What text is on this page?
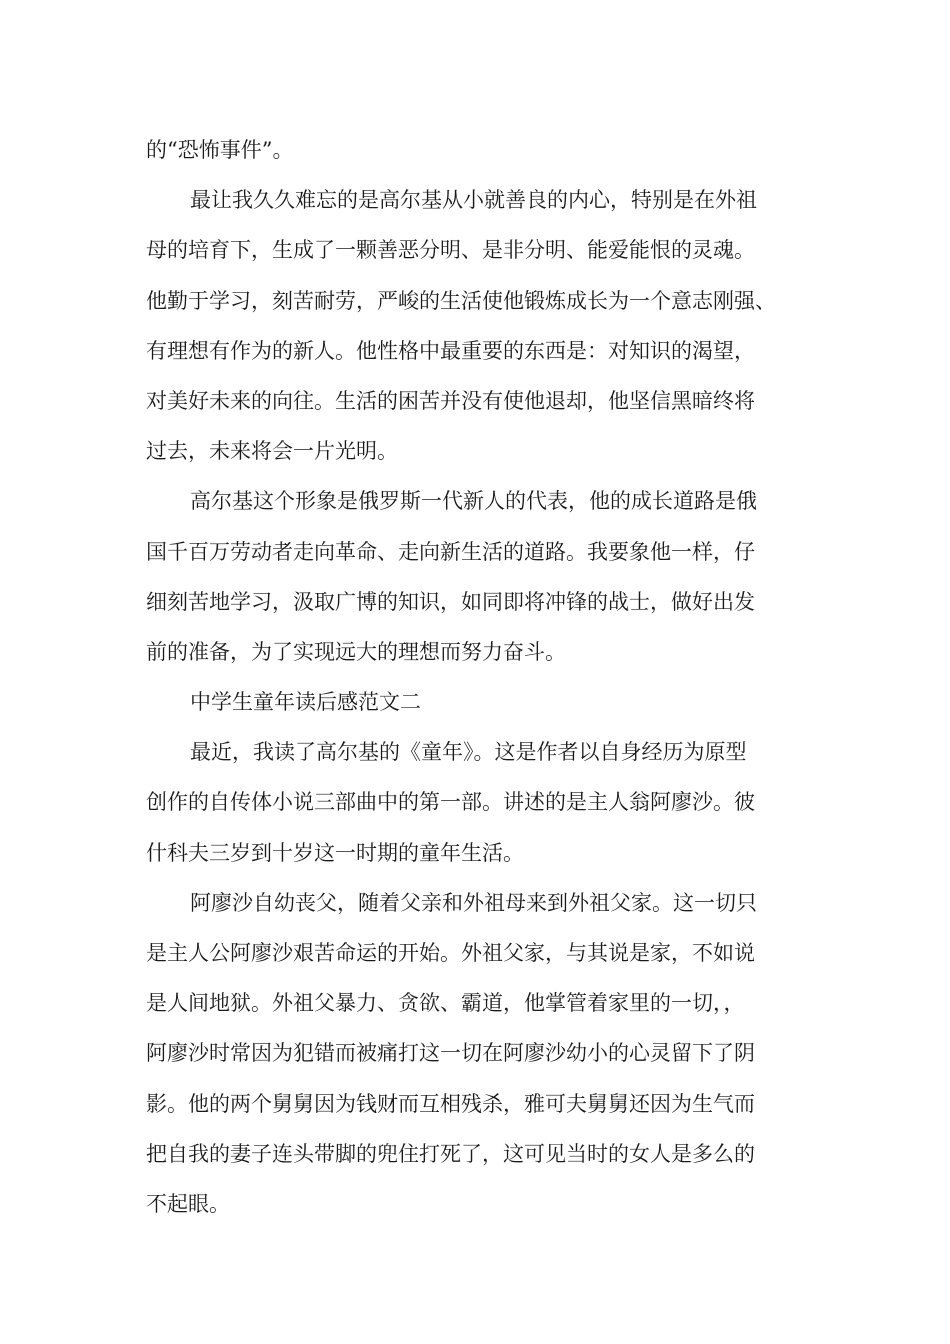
的“恐怖事件”。
最让我久久难忘的是高尔基从小就善良的内心，特别是在外祖
母的培育下，生成了一颗善恶分明、是非分明、能爱能恨的灵魂。
他勤于学习，刻苦耐劳，严峻的生活使他锻炼成长为一个意志刚强、
有理想有作为的新人。他性格中最重要的东西是：对知识的渴望，
对美好未来的向往。生活的困苦并没有使他退却，他坚信黑暗终将
过去，未来将会一片光明。
高尔基这个形象是俄罗斯一代新人的代表，他的成长道路是俄
国千百万劳动者走向革命、走向新生活的道路。我要象他一样，仔
细刻苦地学习，汲取广博的知识，如同即将冲锋的战士，做好出发
前的准备，为了实现远大的理想而努力奋斗。
中学生童年读后感范文二
最近，我读了高尔基的《童年》。这是作者以自身经历为原型
创作的自传体小说三部曲中的第一部。讲述的是主人翁阿廖沙。彼
什科夫三岁到十岁这一时期的童年生活。
阿廖沙自幼丧父，随着父亲和外祖母来到外祖父家。这一切只
是主人公阿廖沙艰苦命运的开始。外祖父家，与其说是家，不如说
是人间地狱。外祖父暴力、贪欲、霸道，他掌管着家里的一切，，
阿廖沙时常因为犯错而被痛打这一切在阿廖沙幼小的心灵留下了阴
影。他的两个舅舅因为钱财而互相残杀，雅可夫舅舅还因为生气而
把自我的妻子连头带脚的兜住打死了，这可见当时的女人是多么的
不起眼。
